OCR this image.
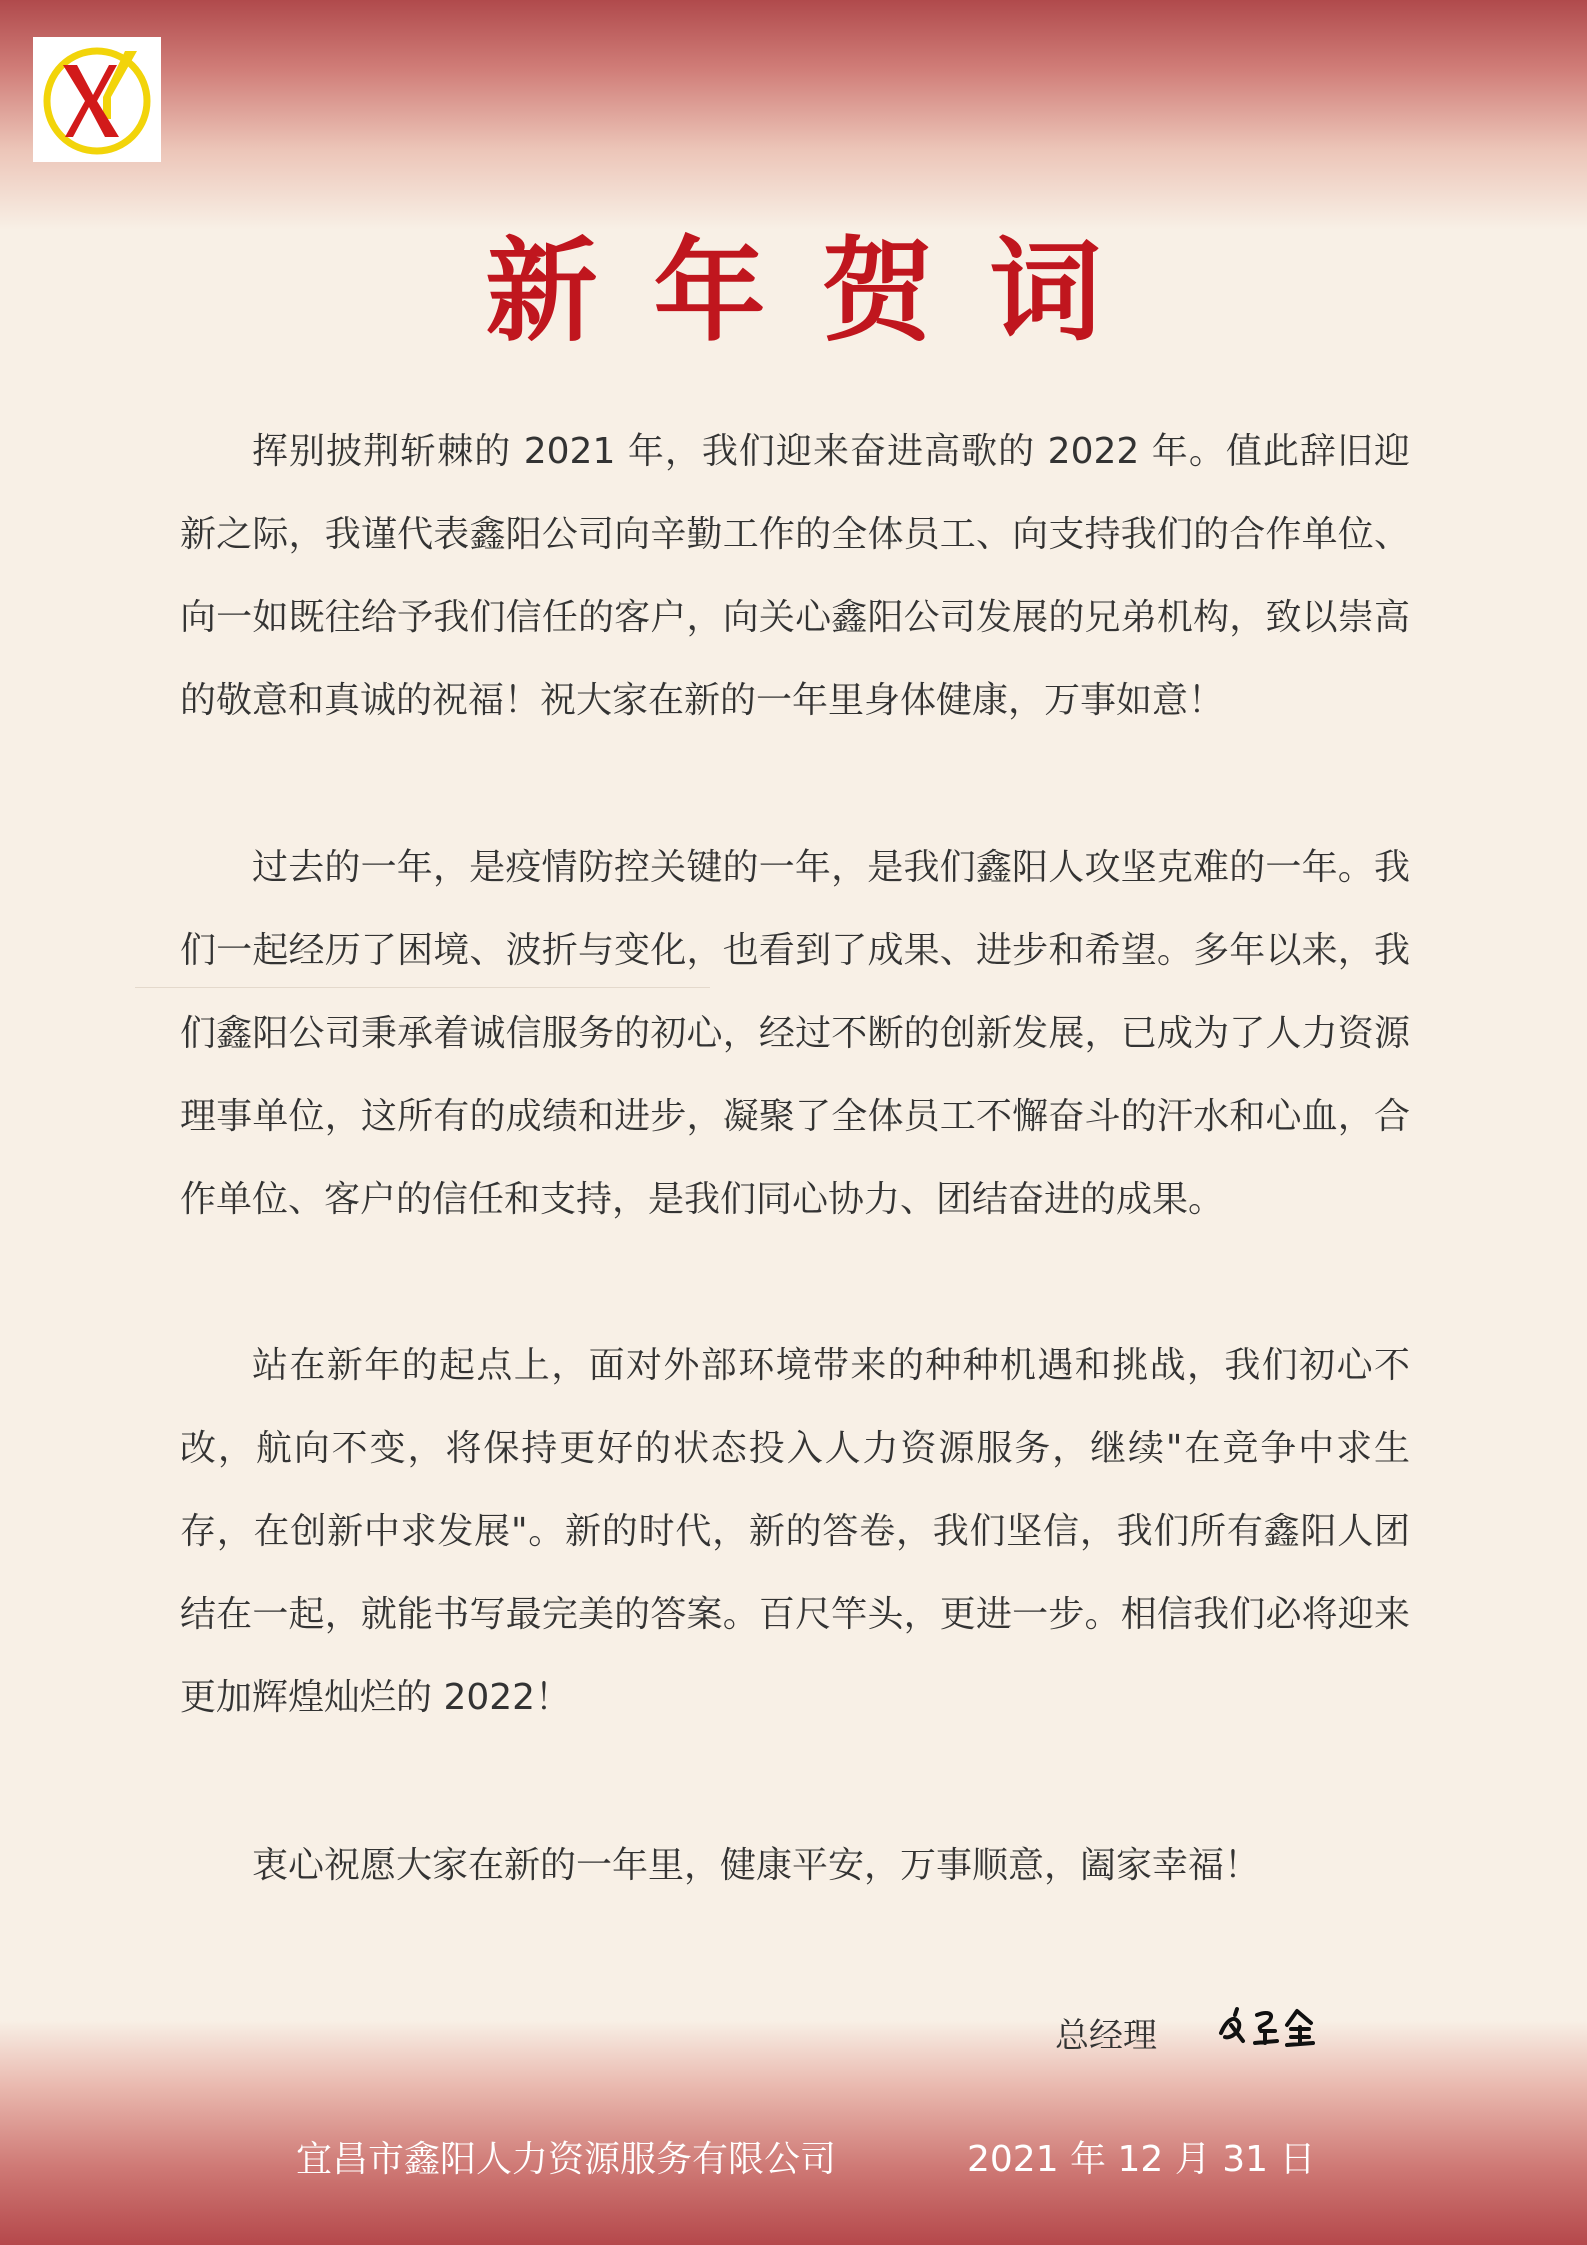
新年贺词

挥别披荆斩棘的 2021 年，我们迎来奋进高歌的 2022 年。值此辞旧迎新之际，我谨代表鑫阳公司向辛勤工作的全体员工、向支持我们的合作单位、向一如既往给予我们信任的客户，向关心鑫阳公司发展的兄弟机构，致以崇高的敬意和真诚的祝福！祝大家在新的一年里身体健康，万事如意！

过去的一年，是疫情防控关键的一年，是我们鑫阳人攻坚克难的一年。我们一起经历了困境、波折与变化，也看到了成果、进步和希望。多年以来，我们鑫阳公司秉承着诚信服务的初心，经过不断的创新发展，已成为了人力资源理事单位，这所有的成绩和进步，凝聚了全体员工不懈奋斗的汗水和心血，合作单位、客户的信任和支持，是我们同心协力、团结奋进的成果。

站在新年的起点上，面对外部环境带来的种种机遇和挑战，我们初心不改，航向不变，将保持更好的状态投入人力资源服务，继续"在竞争中求生存，在创新中求发展"。新的时代，新的答卷，我们坚信，我们所有鑫阳人团结在一起，就能书写最完美的答案。百尺竿头，更进一步。相信我们必将迎来更加辉煌灿烂的 2022！

衷心祝愿大家在新的一年里，健康平安，万事顺意，阖家幸福！
总经理
宜昌市鑫阳人力资源服务有限公司	2021 年 12 月 31 日
